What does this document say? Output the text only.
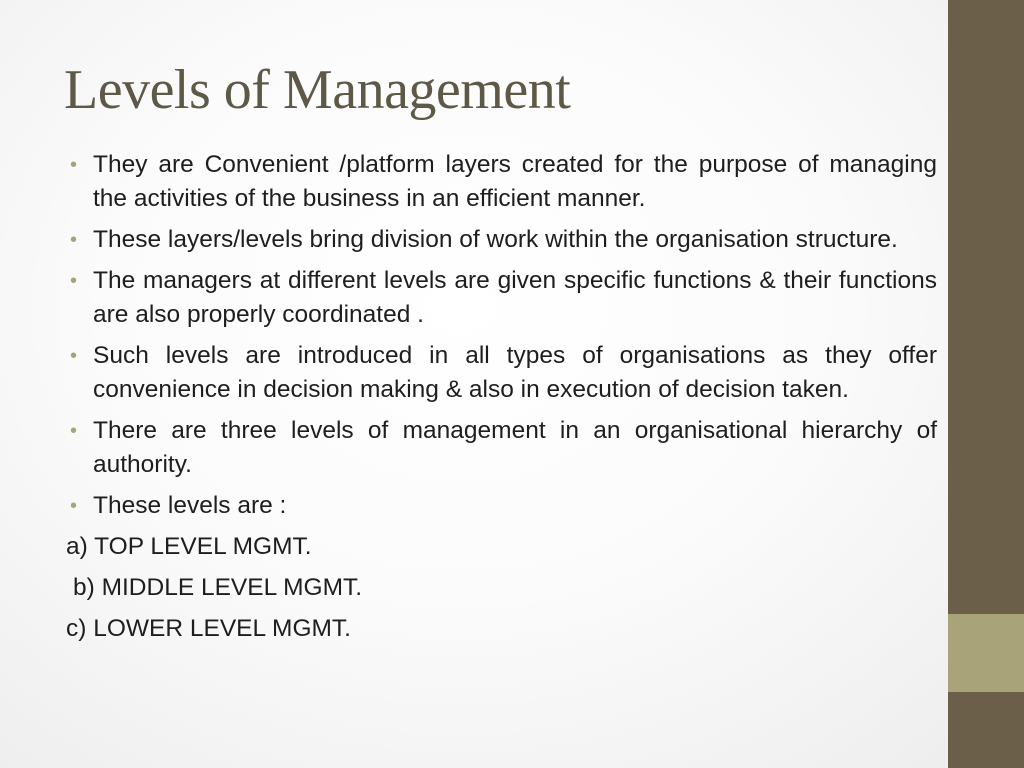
Levels of Management
• They are Convenient /platform layers created for the purpose of managing the activities of the business in an efficient manner.
• These layers/levels bring division of work within the organisation structure.
• The managers at different levels are given specific functions & their functions are also properly coordinated .
• Such levels are introduced in all types of organisations as they offer convenience in decision making & also in execution of decision taken.
• There are three levels of management in an organisational hierarchy of authority.
• These levels are :
a) TOP LEVEL MGMT.
b) MIDDLE LEVEL MGMT.
c) LOWER LEVEL MGMT.
